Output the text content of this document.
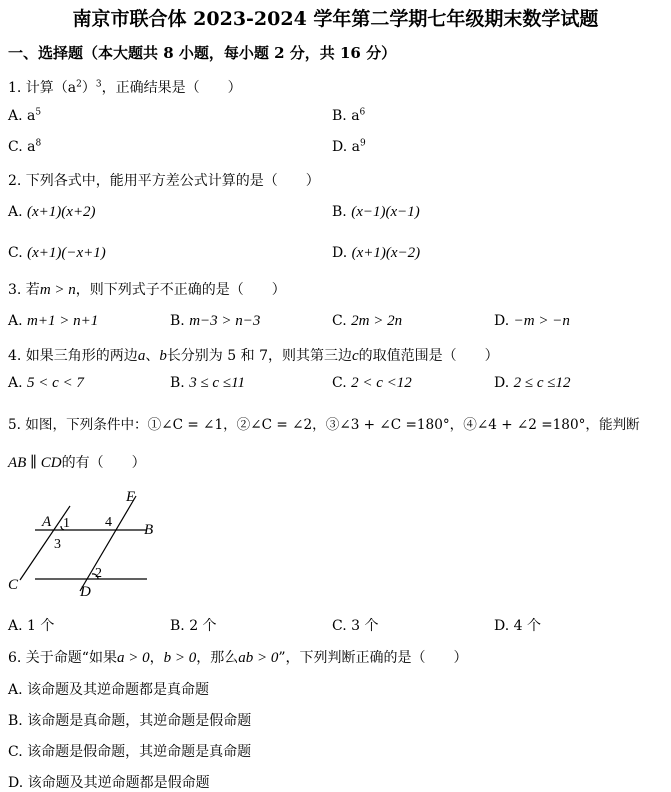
南京市联合体 2023-2024 学年第二学期七年级期末数学试题
一、选择题（本大题共 8 小题，每小题 2 分，共 16 分）
1. 计算$(a^2)^3$，正确结果是（　　）
A. $a^5$	B. $a^6$
C. $a^8$	D. $a^9$
2. 下列各式中，能用平方差公式计算的是（　　）
A. (x+1)(x+2)	B. (x−1)(x−1)
C. (x+1)(−x+1)	D. (x+1)(x−2)
3. 若m > n，则下列式子不正确的是（　　）
A. m+1 > n+1	B. m−3 > n−3	C. 2m > 2n	D. −m > −n
4. 如果三角形的两边a、b长分别为 5 和 7，则其第三边c的取值范围是（　　）
A. 5 < c < 7	B. 3 ≤ c ≤11	C. 2 < c <12	D. 2 ≤ c ≤12
5. 如图，下列条件中：①∠C = ∠1，②∠C = ∠2，③∠3 + ∠C =180°，④∠4 + ∠2 =180°，能判断
AB ∥ CD的有（　　）
A	B
C	D
E
1
2
3
4
A. 1 个	B. 2 个	C. 3 个	D. 4 个
6. 关于命题“如果a > 0，b > 0，那么ab > 0”，下列判断正确的是（　　）
A. 该命题及其逆命题都是真命题
B. 该命题是真命题，其逆命题是假命题
C. 该命题是假命题，其逆命题是真命题
D. 该命题及其逆命题都是假命题
